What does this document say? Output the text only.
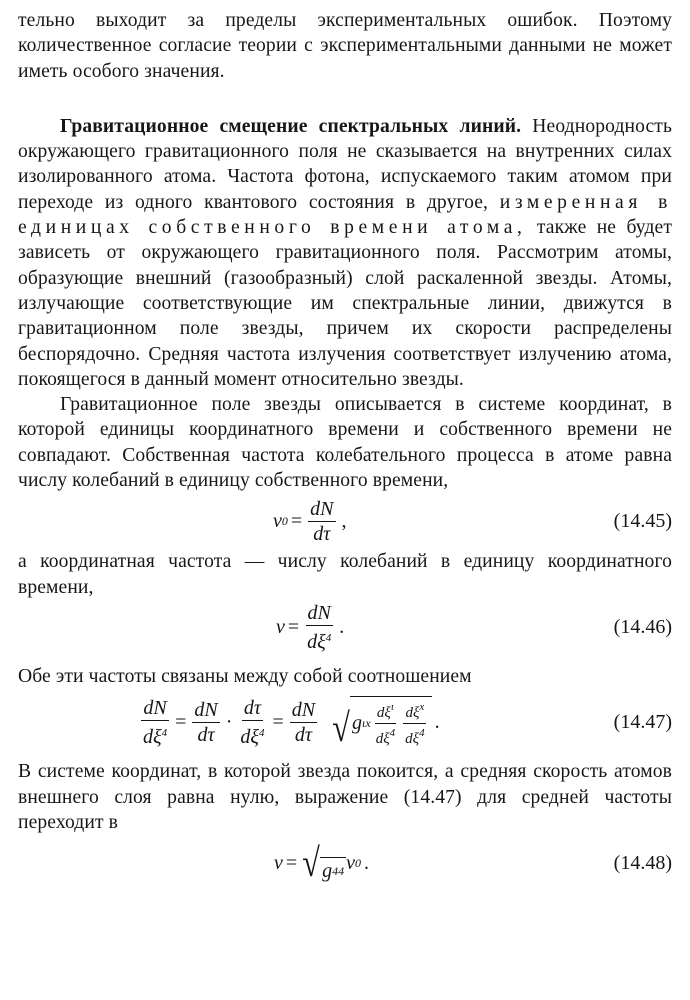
тельно выходит за пределы экспериментальных ошибок. Поэтому количественное согласие теории с экспериментальными данными не может иметь особого значения.

Гравитационное смещение спектральных линий. Неоднородность окружающего гравитационного поля не сказывается на внутренних силах изолированного атома. Частота фотона, испускаемого таким атомом при переходе из одного квантового состояния в другое, измеренная в единицах собственного времени атома, также не будет зависеть от окружающего гравитационного поля. Рассмотрим атомы, образующие внешний (газообразный) слой раскаленной звезды. Атомы, излучающие соответствующие им спектральные линии, движутся в гравитационном поле звезды, причем их скорости распределены беспорядочно. Средняя частота излучения соответствует излучению атома, покоящегося в данный момент относительно звезды.

Гравитационное поле звезды описывается в системе координат, в которой единицы координатного времени и собственного времени не совпадают. Собственная частота колебательного процесса в атоме равна числу колебаний в единицу собственного времени,

ν $0 = \frac{dN}{d\tau}$ ,	(14.45)

а координатная частота — числу колебаний в единицу координатного времени,

$\nu = \frac{dN}{d\xi^4}$ .	(14.46)

Обе эти частоты связаны между собой соотношением

$\frac{dN}{d\xi^4} = \frac{dN}{d\tau} \cdot \frac{d\tau}{d\xi^4} = \frac{dN}{d\tau}$ √ g ιх $\frac{d\xi^\iota}{d\xi^4} \frac{d\xi^х}{d\xi^4}$ .	(14.47)

В системе координат, в которой звезда покоится, а средняя скорость атомов внешнего слоя равна нулю, выражение (14.47) для средней частоты переходит в

ν = √ g 44 ν 0 .	(14.48)
